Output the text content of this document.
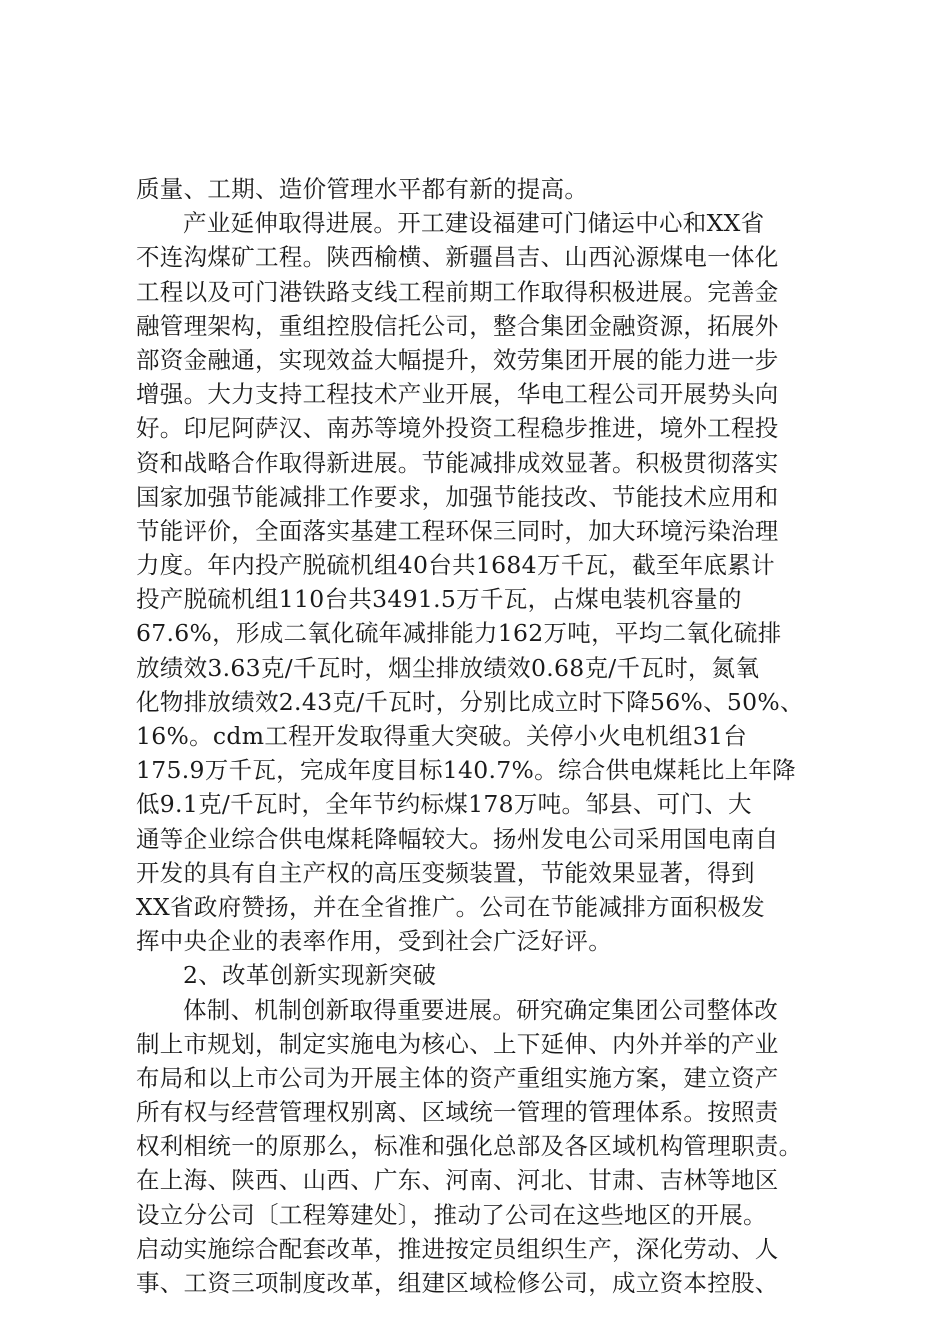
质量、工期、造价管理水平都有新的提高。
产业延伸取得进展。开工建设福建可门储运中心和XX省
不连沟煤矿工程。陕西榆横、新疆昌吉、山西沁源煤电一体化
工程以及可门港铁路支线工程前期工作取得积极进展。完善金
融管理架构，重组控股信托公司，整合集团金融资源，拓展外
部资金融通，实现效益大幅提升，效劳集团开展的能力进一步
增强。大力支持工程技术产业开展，华电工程公司开展势头向
好。印尼阿萨汉、南苏等境外投资工程稳步推进，境外工程投
资和战略合作取得新进展。节能减排成效显著。积极贯彻落实
国家加强节能减排工作要求，加强节能技改、节能技术应用和
节能评价，全面落实基建工程环保三同时，加大环境污染治理
力度。年内投产脱硫机组40台共1684万千瓦，截至年底累计
投产脱硫机组110台共3491.5万千瓦，占煤电装机容量的
67.6%，形成二氧化硫年减排能力162万吨，平均二氧化硫排
放绩效3.63克/千瓦时，烟尘排放绩效0.68克/千瓦时，氮氧
化物排放绩效2.43克/千瓦时，分别比成立时下降56%、50%、
16%。cdm工程开发取得重大突破。关停小火电机组31台
175.9万千瓦，完成年度目标140.7%。综合供电煤耗比上年降
低9.1克/千瓦时，全年节约标煤178万吨。邹县、可门、大
通等企业综合供电煤耗降幅较大。扬州发电公司采用国电南自
开发的具有自主产权的高压变频装置，节能效果显著，得到
XX省政府赞扬，并在全省推广。公司在节能减排方面积极发
挥中央企业的表率作用，受到社会广泛好评。
2、改革创新实现新突破
体制、机制创新取得重要进展。研究确定集团公司整体改
制上市规划，制定实施电为核心、上下延伸、内外并举的产业
布局和以上市公司为开展主体的资产重组实施方案，建立资产
所有权与经营管理权别离、区域统一管理的管理体系。按照责
权利相统一的原那么，标准和强化总部及各区域机构管理职责。
在上海、陕西、山西、广东、河南、河北、甘肃、吉林等地区
设立分公司〔工程筹建处〕，推动了公司在这些地区的开展。
启动实施综合配套改革，推进按定员组织生产，深化劳动、人
事、工资三项制度改革，组建区域检修公司，成立资本控股、
